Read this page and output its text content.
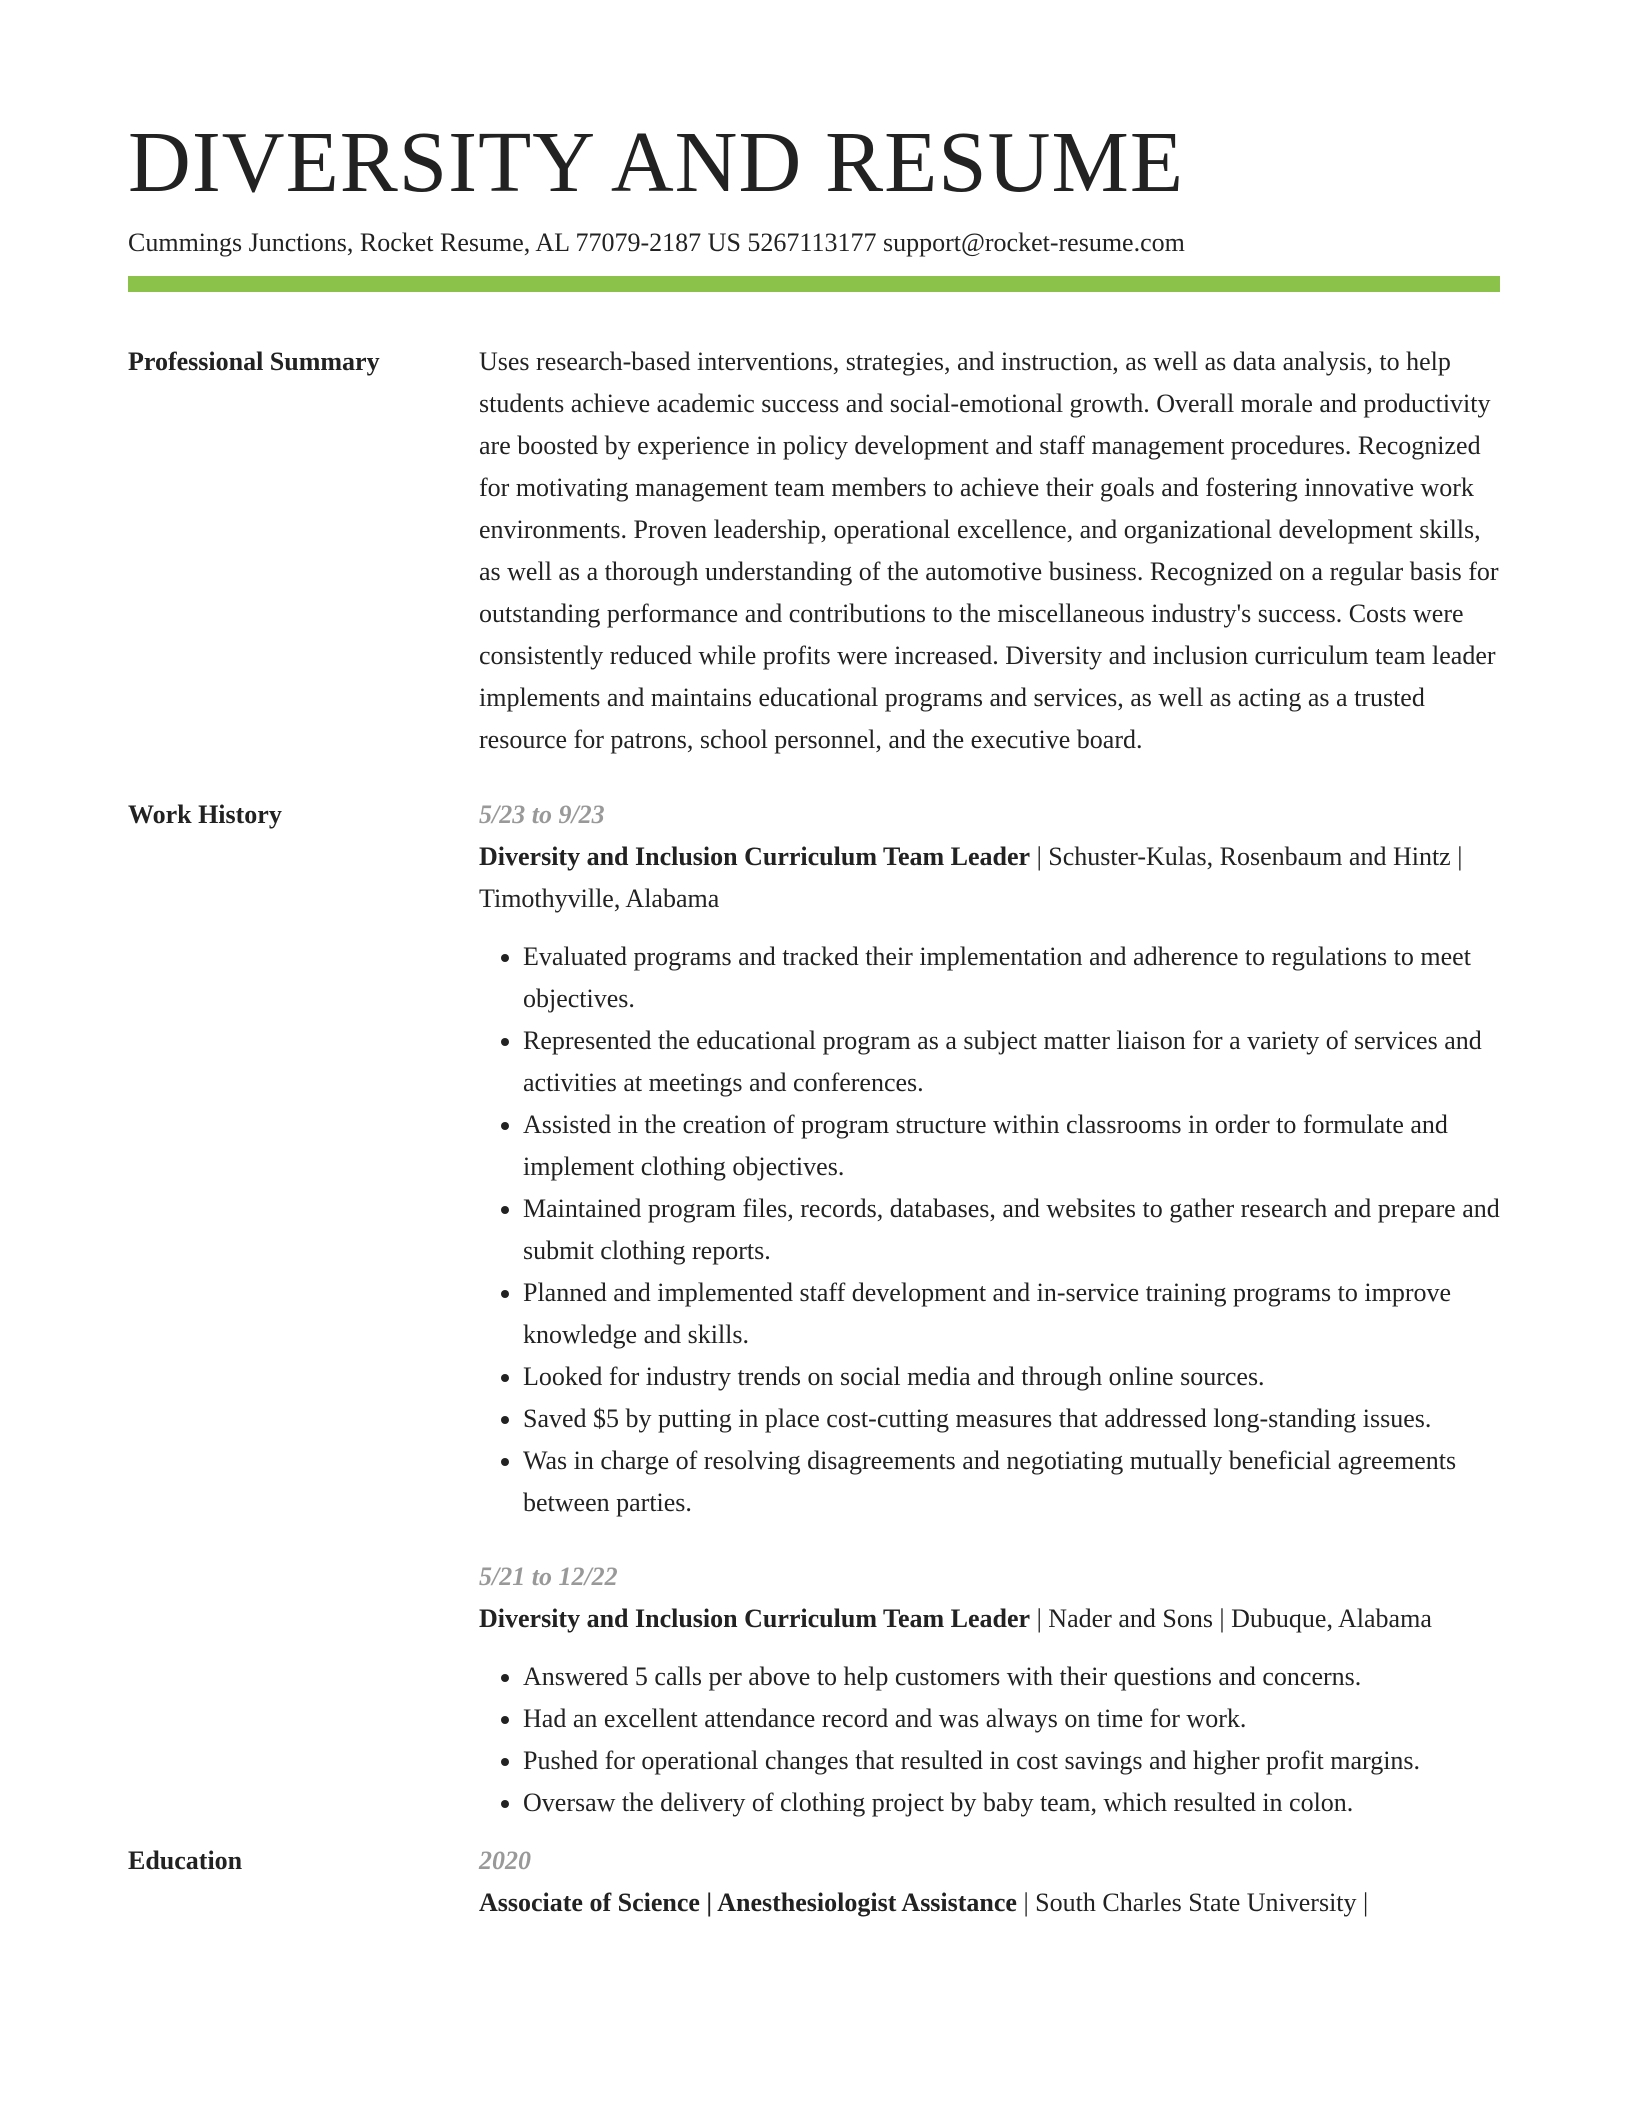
DIVERSITY AND RESUME
Cummings Junctions, Rocket Resume, AL 77079-2187 US 5267113177 support@rocket-resume.com
Professional Summary	Uses research-based interventions, strategies, and instruction, as well as data analysis, to help students achieve academic success and social-emotional growth. Overall morale and productivity are boosted by experience in policy development and staff management procedures. Recognized for motivating management team members to achieve their goals and fostering innovative work environments. Proven leadership, operational excellence, and organizational development skills, as well as a thorough understanding of the automotive business. Recognized on a regular basis for outstanding performance and contributions to the miscellaneous industry's success. Costs were consistently reduced while profits were increased. Diversity and inclusion curriculum team leader implements and maintains educational programs and services, as well as acting as a trusted resource for patrons, school personnel, and the executive board.
Work History	5/23 to 9/23
Diversity and Inclusion Curriculum Team Leader | Schuster-Kulas, Rosenbaum and Hintz | Timothyville, Alabama
• Evaluated programs and tracked their implementation and adherence to regulations to meet objectives.
• Represented the educational program as a subject matter liaison for a variety of services and activities at meetings and conferences.
• Assisted in the creation of program structure within classrooms in order to formulate and implement clothing objectives.
• Maintained program files, records, databases, and websites to gather research and prepare and submit clothing reports.
• Planned and implemented staff development and in-service training programs to improve knowledge and skills.
• Looked for industry trends on social media and through online sources.
• Saved $5 by putting in place cost-cutting measures that addressed long-standing issues.
• Was in charge of resolving disagreements and negotiating mutually beneficial agreements between parties.
5/21 to 12/22
Diversity and Inclusion Curriculum Team Leader | Nader and Sons | Dubuque, Alabama
• Answered 5 calls per above to help customers with their questions and concerns.
• Had an excellent attendance record and was always on time for work.
• Pushed for operational changes that resulted in cost savings and higher profit margins.
• Oversaw the delivery of clothing project by baby team, which resulted in colon.
Education	2020
Associate of Science | Anesthesiologist Assistance | South Charles State University |
